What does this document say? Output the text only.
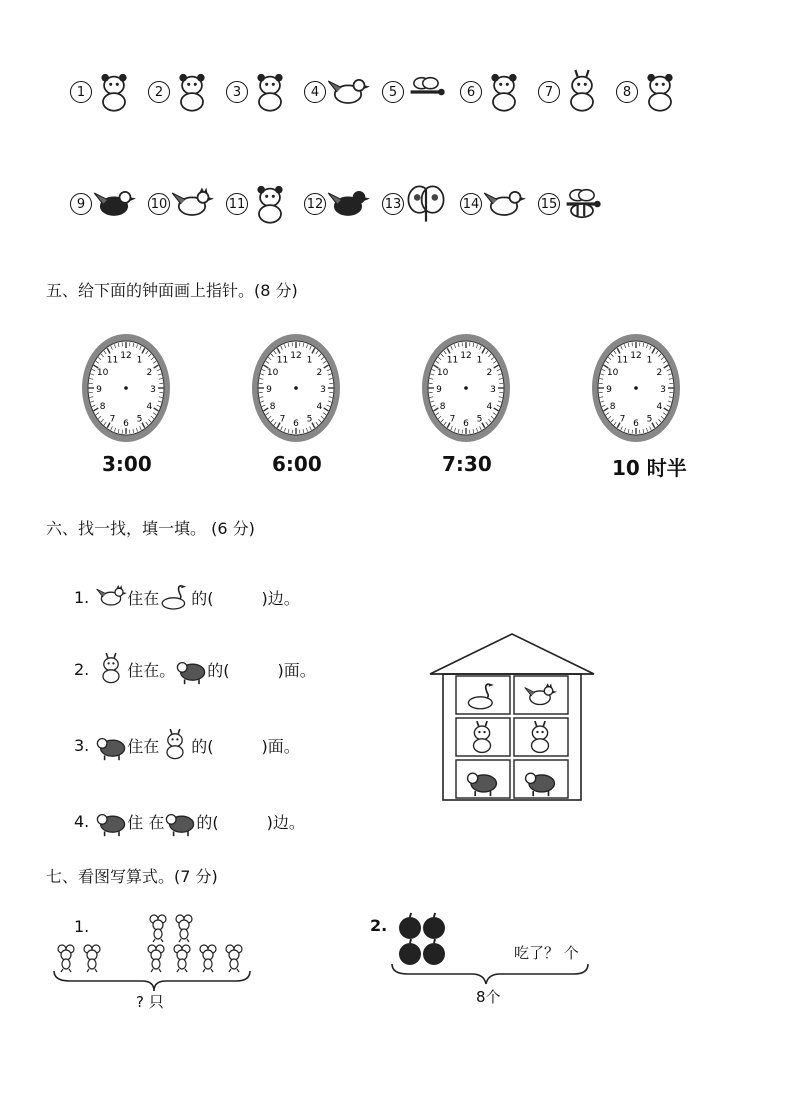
1	2	3	4	5	6	7	8
9	10	11	12	13	14	15
五、给下面的钟面画上指针。(8 分)
12 1
2
3
4
5
6
7
8
9
10
11
3:00
12 1
2
3
4
5
6
7
8
9
10
11
6:00
12 1
2
3
4
5
6
7
8
9
10
11
7:30
12 1
2
3
4
5
6
7
8
9
10
11
10 时半
六、找一找，填一填。 (6 分)
1. 住在 的(	)边。
2. 住在。 的(	)面。
3. 住在 的(	)面。
4. 住 在 的(	)边。
七、看图写算式。(7 分)
1.
? 只
2.
吃了？ 个
8个
